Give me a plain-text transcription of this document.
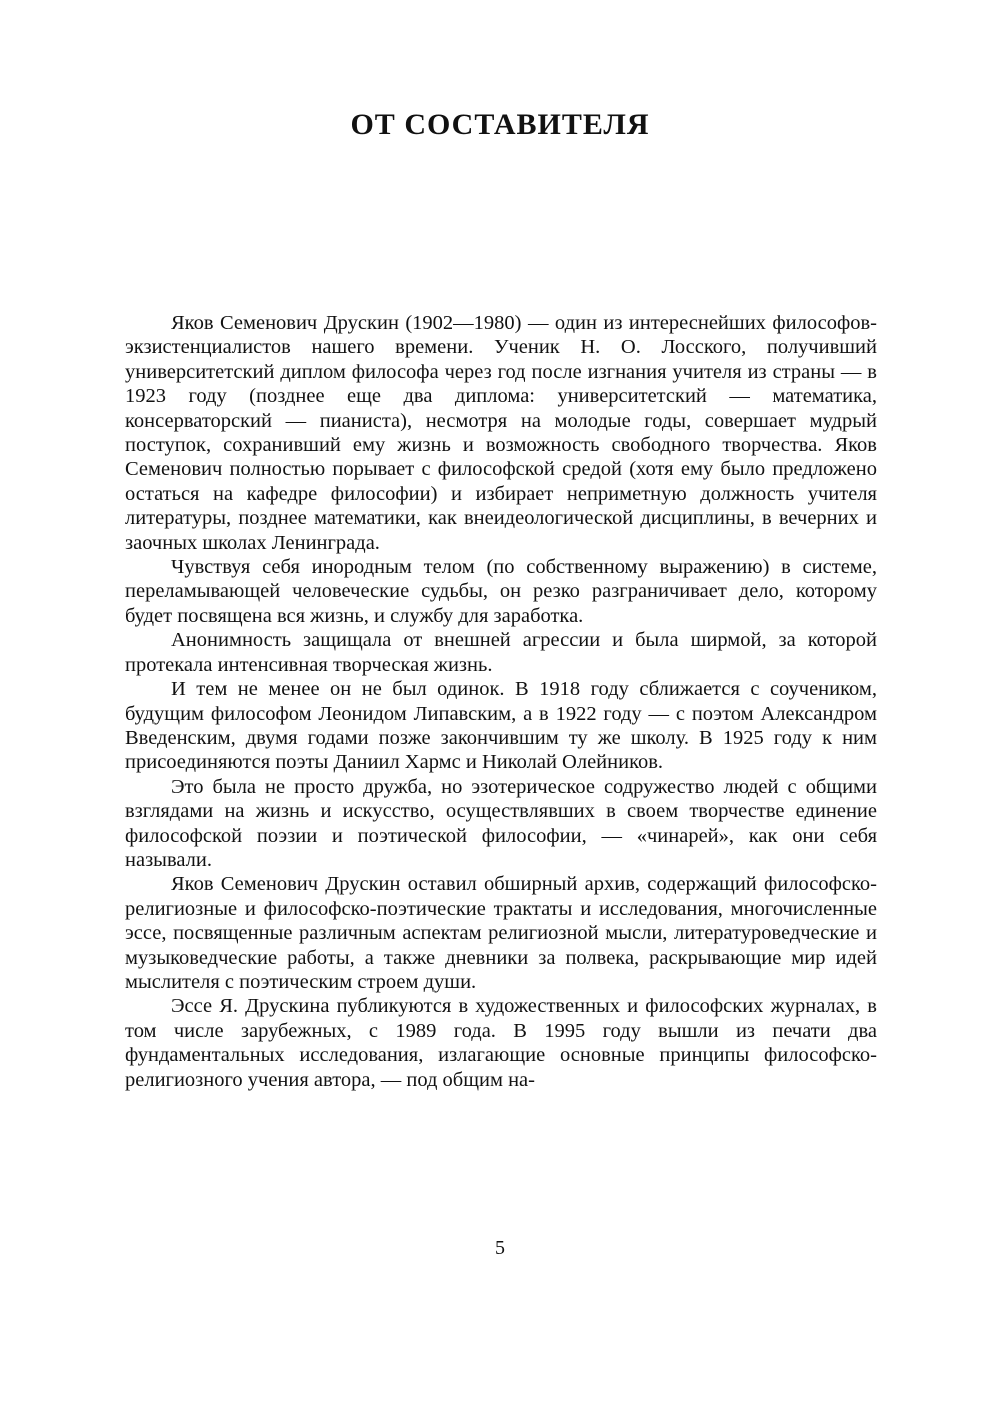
ОТ СОСТАВИТЕЛЯ

Яков Семенович Друскин (1902—1980) — один из интереснейших философов-экзистенциалистов нашего времени. Ученик Н. О. Лосского, получивший университетский диплом философа через год после изгнания учителя из страны — в 1923 году (позднее еще два диплома: университетский — математика, консерваторский — пианиста), несмотря на молодые годы, совершает мудрый поступок, сохранивший ему жизнь и возможность свободного творчества. Яков Семенович полностью порывает с философской средой (хотя ему было предложено остаться на кафедре философии) и избирает неприметную должность учителя литературы, позднее математики, как внеидеологической дисциплины, в вечерних и заочных школах Ленинграда.

Чувствуя себя инородным телом (по собственному выражению) в системе, переламывающей человеческие судьбы, он резко разграничивает дело, которому будет посвящена вся жизнь, и службу для заработка.

Анонимность защищала от внешней агрессии и была ширмой, за которой протекала интенсивная творческая жизнь.

И тем не менее он не был одинок. В 1918 году сближается с соучеником, будущим философом Леонидом Липавским, а в 1922 году — с поэтом Александром Введенским, двумя годами позже закончившим ту же школу. В 1925 году к ним присоединяются поэты Даниил Хармс и Николай Олейников.

Это была не просто дружба, но эзотерическое содружество людей с общими взглядами на жизнь и искусство, осуществлявших в своем творчестве единение философской поэзии и поэтической философии, — «чинарей», как они себя называли.

Яков Семенович Друскин оставил обширный архив, содержащий философско-религиозные и философско-поэтические трактаты и исследования, многочисленные эссе, посвященные различным аспектам религиозной мысли, литературоведческие и музыковедческие работы, а также дневники за полвека, раскрывающие мир идей мыслителя с поэтическим строем души.

Эссе Я. Друскина публикуются в художественных и философских журналах, в том числе зарубежных, с 1989 года. В 1995 году вышли из печати два фундаментальных исследования, излагающие основные принципы философско-религиозного учения автора, — под общим на-

5
